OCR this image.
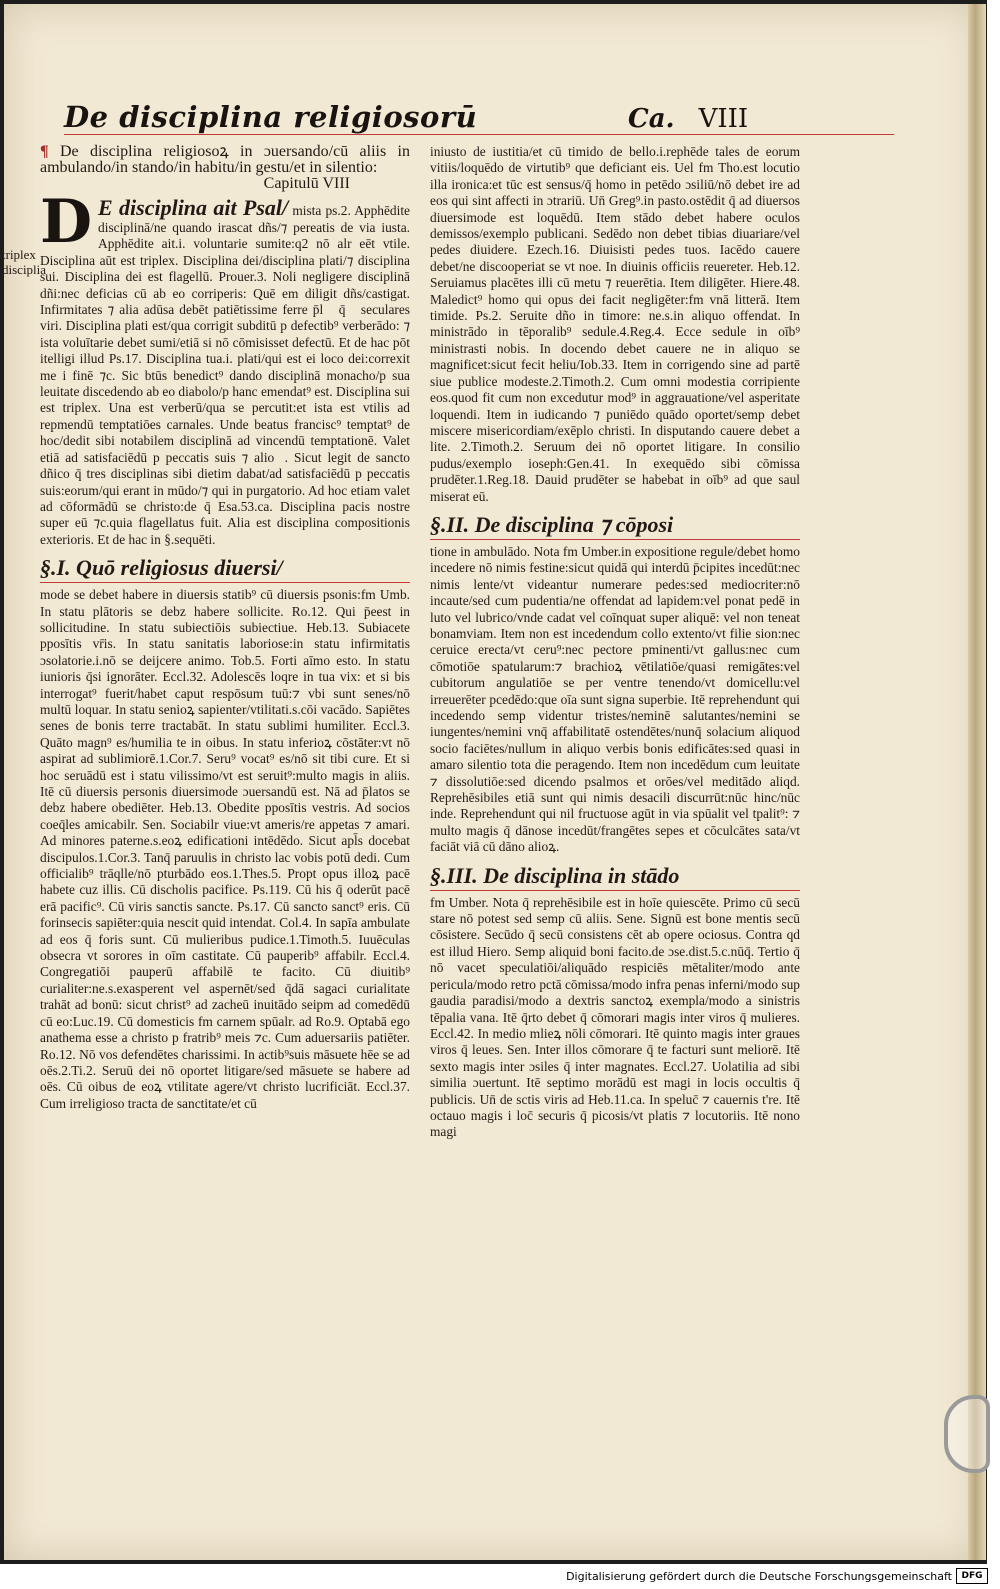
De disciplina religiosorū	Ca. VIII
triplex disciplia

¶ De disciplina religiosoꝝ in ɔuersando/cū aliis in ambulando/in stando/in habitu/in gestu/et in silentio:
Capitulū VIII

D E disciplina ait Psal/ mista ps.2. Apphēdite disciplinā/ne quando irascat dñs/⁊ pereatis de via iusta. Apphēdite ait.i. voluntarie sumite:q2 nō alr eēt vtile. Disciplina aūt est triplex. Disciplina dei/disciplina plati/⁊ disciplina sui. Disciplina dei est flagellū. Prouer.3. Noli negligere disciplinā dñi:nec deficias cū ab eo corriperis: Quē em diligit dñs/castigat. Infirmitates ⁊ alia adūsa debēt patiētissime ferre p̄l᷑ q̄ꝫ seculares viri. Disciplina plati est/qua corrigit subditū p defectib⁹ verberādo: ⁊ ista voluītarie debet sumi/etiā si nō cōmisisset defectū. Et de hac pōt itelligi illud Ps.17. Disciplina tua.i. plati/qui est ei loco dei:correxit me i finē ⁊c. Sic btūs benedict⁹ dando disciplinā monacho/p sua leuitate discedendo ab eo diabolo/p hanc emendat⁹ est. Disciplina sui est triplex. Una est verberū/qua se percutit:et ista est vtilis ad repmendū temptatiōes carnales. Unde beatus francisc⁹ temptat⁹ de hoc/dedit sibi notabilem disciplinā ad vincendū temptationē. Valet etiā ad satisfaciēdū p peccatis suis ⁊ alioꝝ. Sicut legit de sancto dñico q̄ tres disciplinas sibi dietim dabat/ad satisfaciēdū p peccatis suis:eorum/qui erant in mūdo/⁊ qui in purgatorio. Ad hoc etiam valet ad cōformādū se christo:de q̄ Esa.53.ca. Disciplina pacis nostre super eū ⁊c.quia flagellatus fuit. Alia est disciplina compositionis exterioris. Et de hac in §.sequēti.

§.I. Quō religiosus diuersi/

mode se debet habere in diuersis statib⁹ cū diuersis psonis:fm Umb. In statu plātoris se debz habere sollicite. Ro.12. Qui p̄eest in sollicitudine. In statu subiectiōis subiectiue. Heb.13. Subiacete pposītis vr̄is. In statu sanitatis laboriose:in statu infirmitatis ɔsolatorie.i.nō se deijcere animo. Tob.5. Forti aīmo esto. In statu iunioris q̄si ignorāter. Eccl.32. Adolescēs loqre in tua vix: et si bis interrogat⁹ fuerit/habet caput respōsum tuū:⁊ vbi sunt senes/nō multū loquar. In statu senioꝝ sapienter/vtilitati.s.cōi vacādo. Sapiētes senes de bonis terre tractabāt. In statu sublimi humiliter. Eccl.3. Quāto magn⁹ es/humilia te in oibus. In statu inferioꝝ cōstāter:vt nō aspirat ad sublimiorē.1.Cor.7. Seru⁹ vocat⁹ es/nō sit tibi cure. Et si hoc seruādū est i statu vilissimo/vt est seruit⁹:multo magis in aliis. Itē cū diuersis personis diuersimode ɔuersandū est. Nā ad p̄latos se debz habere obediēter. Heb.13. Obedite pposītis vestris. Ad socios coeq̄les amicabilr. Sen. Sociabilr viue:vt ameris/re appetas ⁊ amari. Ad minores paterne.s.eoꝝ edificationi intēdēdo. Sicut apl̄s docebat discipulos.1.Cor.3. Tanq̄ paruulis in christo lac vobis potū dedi. Cum officialib⁹ trāqlle/nō pturbādo eos.1.Thes.5. Propt opus illoꝝ pacē habete cuz illis. Cū discholis pacifice. Ps.119. Cū his q̄ oderūt pacē erā pacific⁹. Cū viris sanctis sancte. Ps.17. Cū sancto sanct⁹ eris. Cū forinsecis sapiēter:quia nescit quid intendat. Col.4. In sapīa ambulate ad eos q̄ foris sunt. Cū mulieribus pudice.1.Timoth.5. Iuuēculas obsecra vt sorores in oīm castitate. Cū pauperib⁹ affabilr. Eccl.4. Congregatiōi pauperū affabilē te facito. Cū diuitib⁹ curialiter:ne.s.exasperent vel aspernēt/sed q̄dā sagaci curialitate trahāt ad bonū: sicut christ⁹ ad zacheū inuitādo seipm ad comedēdū cū eo:Luc.19. Cū domesticis fm carnem spūalr. ad Ro.9. Optabā ego anathema esse a christo p fratrib⁹ meis ⁊c. Cum aduersariis patiēter. Ro.12. Nō vos defendētes charissimi. In actib⁹suis māsuete hēe se ad oēs.2.Ti.2. Seruū dei nō oportet litigare/sed māsuete se habere ad oēs. Cū oibus de eoꝝ vtilitate agere/vt christo lucrificiāt. Eccl.37. Cum irreligioso tracta de sanctitate/et cū

iniusto de iustitia/et cū timido de bello.i.rephēde tales de eorum vitiis/loquēdo de virtutib⁹ que deficiant eis. Uel fm Tho.est locutio illa ironica:et tūc est sensus/q̄ homo in petēdo ɔsiliū/nō debet ire ad eos qui sint affecti in ɔtrariū. Un̄ Greg⁹.in pasto.ostēdit q̄ ad diuersos diuersimode est loquēdū. Item stādo debet habere oculos demissos/exemplo publicani. Sedēdo non debet tibias diuariare/vel pedes diuidere. Ezech.16. Diuisisti pedes tuos. Iacēdo cauere debet/ne discooperiat se vt noe. In diuinis officiis reuereter. Heb.12. Seruiamus placētes illi cū metu ⁊ reuerētia. Item diligēter. Hiere.48. Maledict⁹ homo qui opus dei facit negligēter:fm vnā litterā. Item timide. Ps.2. Seruite dño in timore: ne.s.in aliquo offendat. In ministrādo in tēporalib⁹ sedule.4.Reg.4. Ecce sedule in oīb⁹ ministrasti nobis. In docendo debet cauere ne in aliquo se magnificet:sicut fecit heliu/Iob.33. Item in corrigendo sine ad partē siue publice modeste.2.Timoth.2. Cum omni modestia corripiente eos.quod fit cum non excedutur mod⁹ in aggrauatione/vel asperitate loquendi. Item in iudicando ⁊ puniēdo quādo oportet/semp debet miscere misericordiam/exēplo christi. In disputando cauere debet a lite. 2.Timoth.2. Seruum dei nō oportet litigare. In consilio pudus/exemplo ioseph:Gen.41. In exequēdo sibi cōmissa prudēter.1.Reg.18. Dauid prudēter se habebat in oīb⁹ ad que saul miserat eū.

§.II. De disciplina ⁊ cōposi

tione in ambulādo. Nota fm Umber.in expositione regule/debet homo incedere nō nimis festine:sicut quidā qui interdū p̄cipites incedūt:nec nimis lente/vt videantur numerare pedes:sed mediocriter:nō incaute/sed cum pudentia/ne offendat ad lapidem:vel ponat pedē in luto vel lubrico/vnde cadat vel coīnquat super aliquē: vel non teneat bonamviam. Item non est incedendum collo extento/vt filie sion:nec ceruice erecta/vt ceru⁹:nec pectore pminenti/vt gallus:nec cum cōmotiōe spatularum:⁊ brachioꝝ vētilatiōe/quasi remigātes:vel cubitorum angulatiōe se per ventre tenendo/vt domicellu:vel irreuerēter pcedēdo:que oīa sunt signa superbie. Itē reprehendunt qui incedendo semp videntur tristes/neminē salutantes/nemini se iungentes/nemini vnq̄ affabilitatē ostendētes/nunq̄ solacium aliquod socio faciētes/nullum in aliquo verbis bonis edificātes:sed quasi in amaro silentio tota die peragendo. Item non incedēdum cum leuitate ⁊ dissolutiōe:sed dicendo psalmos et orōes/vel meditādo aliqd. Reprehēsibiles etiā sunt qui nimis desacili discurrūt:nūc hinc/nūc inde. Reprehendunt qui nil fructuose agūt in via spūalit vel tpalit⁹: ⁊ multo magis q̄ dānose incedūt/frangētes sepes et cōculcātes sata/vt faciāt viā cū dāno alioꝝ.

§.III. De disciplina in stādo

fm Umber. Nota q̄ reprehēsibile est in hoīe quiescēte. Primo cū secū stare nō potest sed semp cū aliis. Sene. Signū est bone mentis secū cōsistere. Secūdo q̄ secū consistens cēt ab opere ociosus. Contra qd est illud Hiero. Semp aliquid boni facito.de ɔse.dist.5.c.nūq̄. Tertio q̄ nō vacet speculatiōi/aliquādo respiciēs mētaliter/modo ante pericula/modo retro pctā cōmissa/modo infra penas inferni/modo sup gaudia paradisi/modo a dextris sanctoꝝ exempla/modo a sinistris tēpalia vana. Itē q̄rto debet q̄ cōmorari magis inter viros q̄ mulieres. Eccl.42. In medio mlieꝝ nōli cōmorari. Itē quinto magis inter graues viros q̄ leues. Sen. Inter illos cōmorare q̄ te facturi sunt meliorē. Itē sexto magis inter ɔsiles q̄ inter magnates. Eccl.27. Uolatilia ad sibi similia ɔuertunt. Itē septimo morādū est magi in locis occultis q̄ publicis. Un̄ de sctis viris ad Heb.11.ca. In speluc̄ ⁊ cauernis t're. Itē octauo magis i loc̄ securis q̄ picosis/vt platis ⁊ locutoriis. Itē nono magi

Digitalisierung gefördert durch die Deutsche Forschungsgemeinschaft	DFG
